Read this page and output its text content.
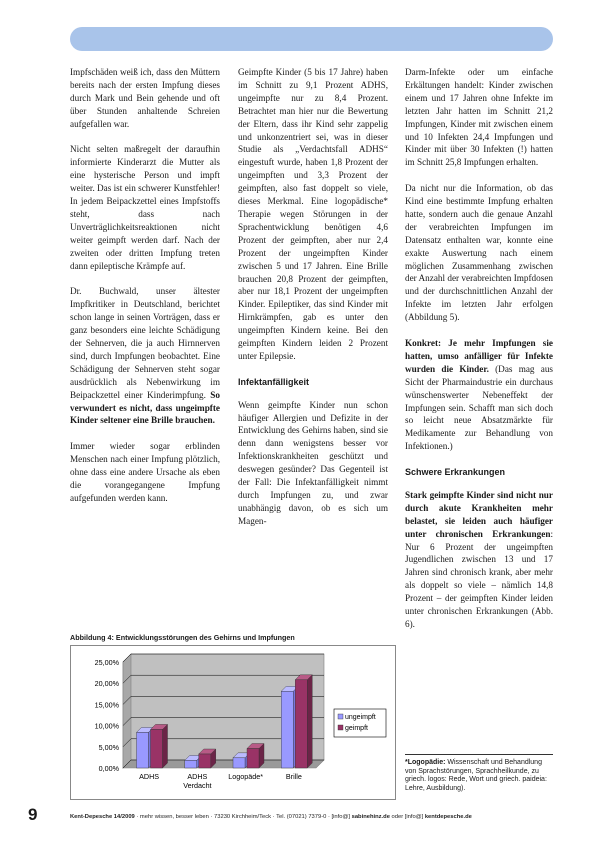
Impfschäden weiß ich, dass den Müttern bereits nach der ersten Impfung dieses durch Mark und Bein gehende und oft über Stunden anhaltende Schreien aufgefallen war.

Nicht selten maßregelt der daraufhin informierte Kinderarzt die Mutter als eine hysterische Person und impft weiter. Das ist ein schwerer Kunstfehler! In jedem Beipackzettel eines Impfstoffs steht, dass nach Unverträglichkeitsreaktionen nicht weiter geimpft werden darf. Nach der zweiten oder dritten Impfung treten dann epileptische Krämpfe auf.

Dr. Buchwald, unser ältester Impfkritiker in Deutschland, berichtet schon lange in seinen Vorträgen, dass er ganz besonders eine leichte Schädigung der Sehnerven, die ja auch Hirnnerven sind, durch Impfungen beobachtet. Eine Schädigung der Sehnerven steht sogar ausdrücklich als Nebenwirkung im Beipackzettel einer Kinderimpfung. So verwundert es nicht, dass ungeimpfte Kinder seltener eine Brille brauchen.

Immer wieder sogar erblinden Menschen nach einer Impfung plötzlich, ohne dass eine andere Ursache als eben die vorangegangene Impfung aufgefunden werden kann.

Geimpfte Kinder (5 bis 17 Jahre) haben im Schnitt zu 9,1 Prozent ADHS, ungeimpfte nur zu 8,4 Prozent. Betrachtet man hier nur die Bewertung der Eltern, dass ihr Kind sehr zappelig und unkonzentriert sei, was in dieser Studie als „Verdachtsfall ADHS“ eingestuft wurde, haben 1,8 Prozent der ungeimpften und 3,3 Prozent der geimpften, also fast doppelt so viele, dieses Merkmal. Eine logopädische* Therapie wegen Störungen in der Sprachentwicklung benötigen 4,6 Prozent der geimpften, aber nur 2,4 Prozent der ungeimpften Kinder zwischen 5 und 17 Jahren. Eine Brille brauchen 20,8 Prozent der geimpften, aber nur 18,1 Prozent der ungeimpften Kinder. Epileptiker, das sind Kinder mit Hirnkrämpfen, gab es unter den ungeimpften Kindern keine. Bei den geimpften Kindern leiden 2 Prozent unter Epilepsie.

Infektanfälligkeit

Wenn geimpfte Kinder nun schon häufiger Allergien und Defizite in der Entwicklung des Gehirns haben, sind sie denn dann wenigstens besser vor Infektionskrankheiten geschützt und deswegen gesünder? Das Gegenteil ist der Fall: Die Infektanfälligkeit nimmt durch Impfungen zu, und zwar unabhängig davon, ob es sich um Magen-

Darm-Infekte oder um einfache Erkältungen handelt: Kinder zwischen einem und 17 Jahren ohne Infekte im letzten Jahr hatten im Schnitt 21,2 Impfungen, Kinder mit zwischen einem und 10 Infekten 24,4 Impfungen und Kinder mit über 30 Infekten (!) hatten im Schnitt 25,8 Impfungen erhalten.

Da nicht nur die Information, ob das Kind eine bestimmte Impfung erhalten hatte, sondern auch die genaue Anzahl der verabreichten Impfungen im Datensatz enthalten war, konnte eine exakte Auswertung nach einem möglichen Zusammenhang zwischen der Anzahl der verabreichten Impfdosen und der durchschnittlichen Anzahl der Infekte im letzten Jahr erfolgen (Abbildung 5).

Konkret: Je mehr Impfungen sie hatten, umso anfälliger für Infekte wurden die Kinder. (Das mag aus Sicht der Pharmaindustrie ein durchaus wünschenswerter Nebeneffekt der Impfungen sein. Schafft man sich doch so leicht neue Absatzmärkte für Medikamente zur Behandlung von Infektionen.)

Schwere Erkrankungen

Stark geimpfte Kinder sind nicht nur durch akute Krankheiten mehr belastet, sie leiden auch häufiger unter chronischen Erkrankungen: Nur 6 Prozent der ungeimpften Jugendlichen zwischen 13 und 17 Jahren sind chronisch krank, aber mehr als doppelt so viele – nämlich 14,8 Prozent – der geimpften Kinder leiden unter chronischen Erkrankungen (Abb. 6).

*Logopädie: Wissenschaft und Behandlung von Sprachstörungen, Sprachheilkunde, zu griech. logos: Rede, Wort und griech. paideia: Lehre, Ausbildung).
Abbildung 4: Entwicklungsstörungen des Gehirns und Impfungen
0,00%
5,00%
10,00%
15,00%
20,00%
25,00%
ADHS	ADHS
Verdacht
Logopäde*	Brille
ungeimpft
geimpft
9	Kent-Depesche 14/2009 · mehr wissen, besser leben · 73230 Kirchheim/Teck · Tel. (07021) 7379-0 · [info@] sabinehinz.de oder [info@] kentdepesche.de
